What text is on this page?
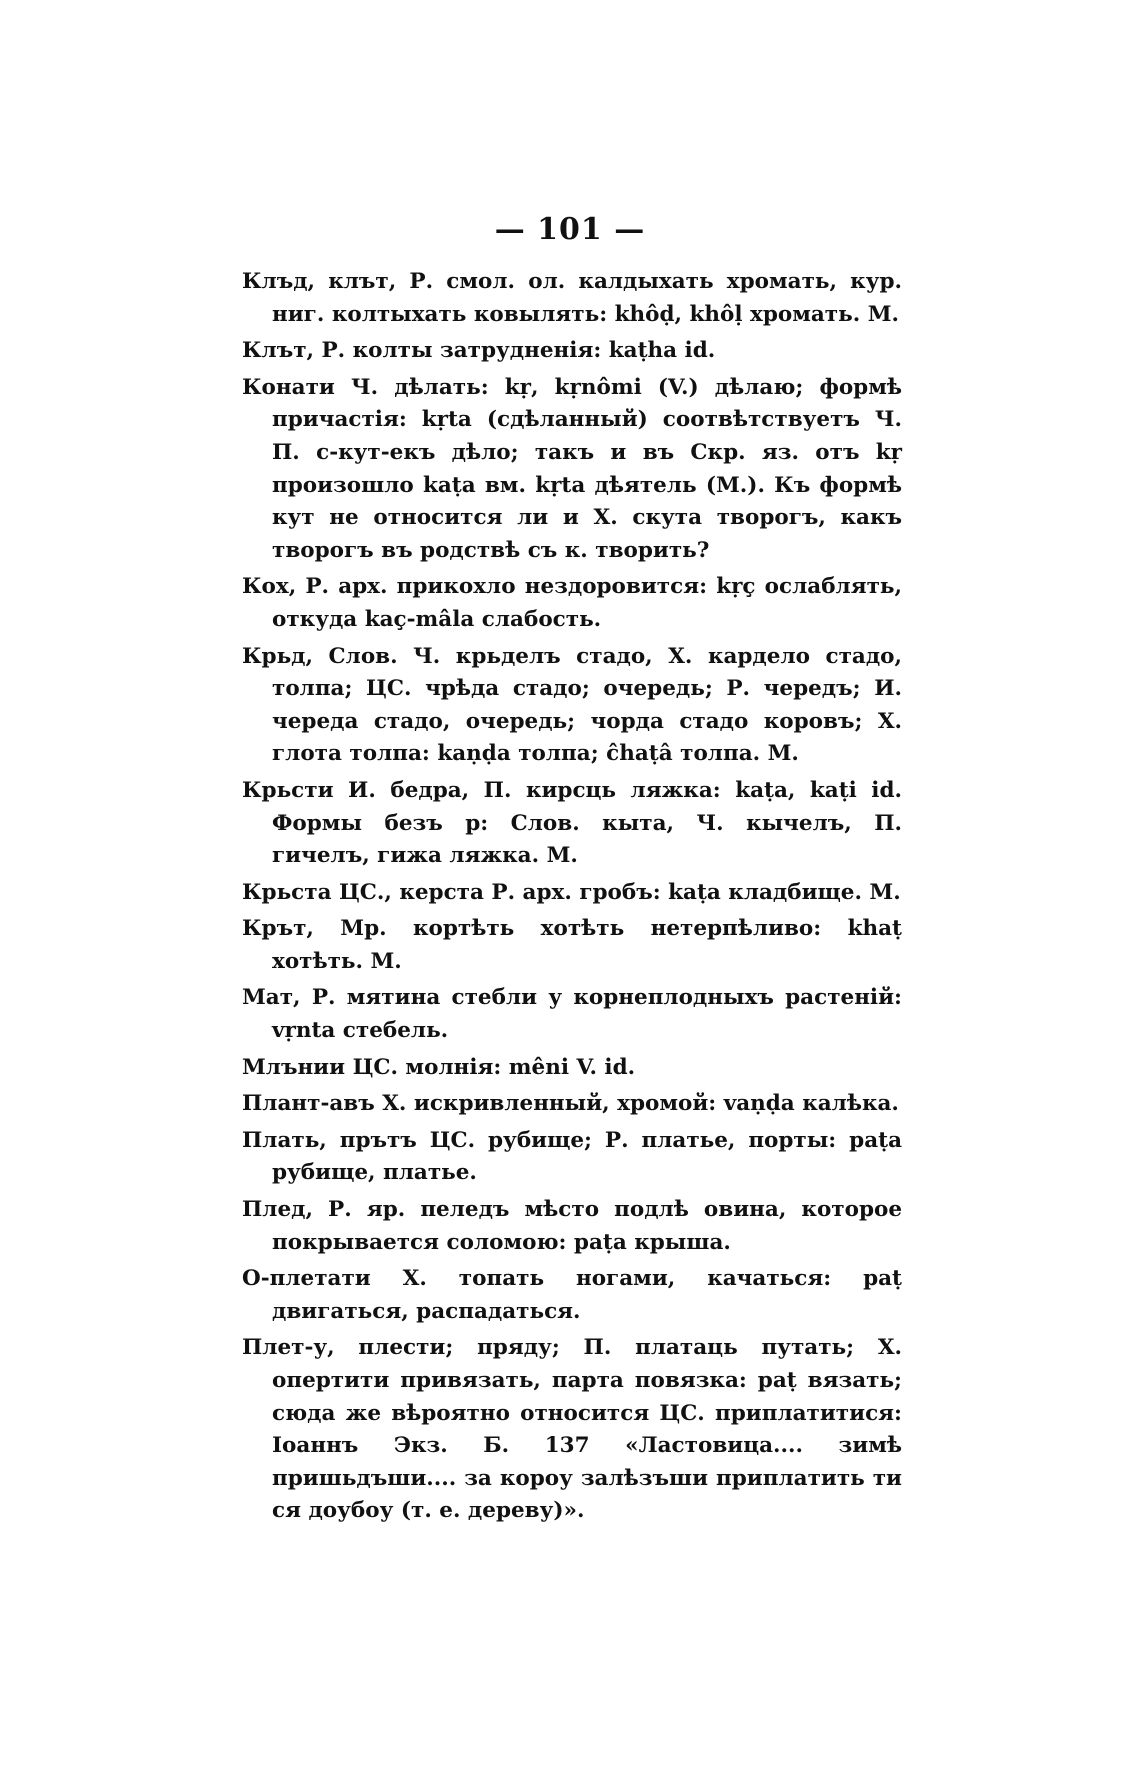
— 101 —

Клъд, клът, Р. смол. ол. калдыхать хромать, кур. ниг. колтыхать ковылять: khôḍ, khôḷ хромать. М.

Клът, Р. колты затрудненія: kaṭha id.

Конати Ч. дѣлать: kṛ, kṛnômi (V.) дѣлаю; формѣ причастія: kṛta (сдѣланный) соотвѣтствуетъ Ч. П. с-кут-екъ дѣло; такъ и въ Скр. яз. отъ kṛ произошло kaṭa вм. kṛta дѣятель (М.). Къ формѣ кут не относится ли и Х. скута творогъ, какъ творогъ въ родствѣ съ к. творить?

Кох, Р. арх. прикохло нездоровится: kṛç ослаблять, откуда kaç-mâla слабость.

Крьд, Слов. Ч. крьделъ стадо, Х. кардело стадо, толпа; ЦС. чрѣда стадо; очередь; Р. чередъ; И. череда стадо, очередь; чорда стадо коровъ; Х. глота толпа: kaṇḍa толпа; ĉhaṭâ толпа. М.

Крьсти И. бедра, П. кирсць ляжка: kaṭa, kaṭi id. Формы безъ р: Слов. кыта, Ч. кычелъ, П. гичелъ, гижа ляжка. М.

Крьста ЦС., керста Р. арх. гробъ: kaṭa кладбище. М.

Крът, Мр. кортѣть хотѣть нетерпѣливо: khaṭ хотѣть. М.

Мат, Р. мятина стебли у корнеплодныхъ растеній: vṛnta стебель.

Млънии ЦС. молнія: mêni V. id.

Плант-авъ Х. искривленный, хромой: vaṇḍa калѣка.

Плать, прътъ ЦС. рубище; Р. платье, порты: paṭa рубище, платье.

Плед, Р. яр. пеледъ мѣсто подлѣ овина, которое покрывается соломою: paṭa крыша.

О-плетати Х. топать ногами, качаться: paṭ двигаться, распадаться.

Плет-у, плести; пряду; П. платаць путать; Х. опертити привязать, парта повязка: paṭ вязать; сюда же вѣроятно относится ЦС. приплатитися: Іоаннъ Экз. Б. 137 «Ластовица.... зимѣ пришьдъши.... за короу залѣзъши приплатить ти ся доубоу (т. е. дереву)».
